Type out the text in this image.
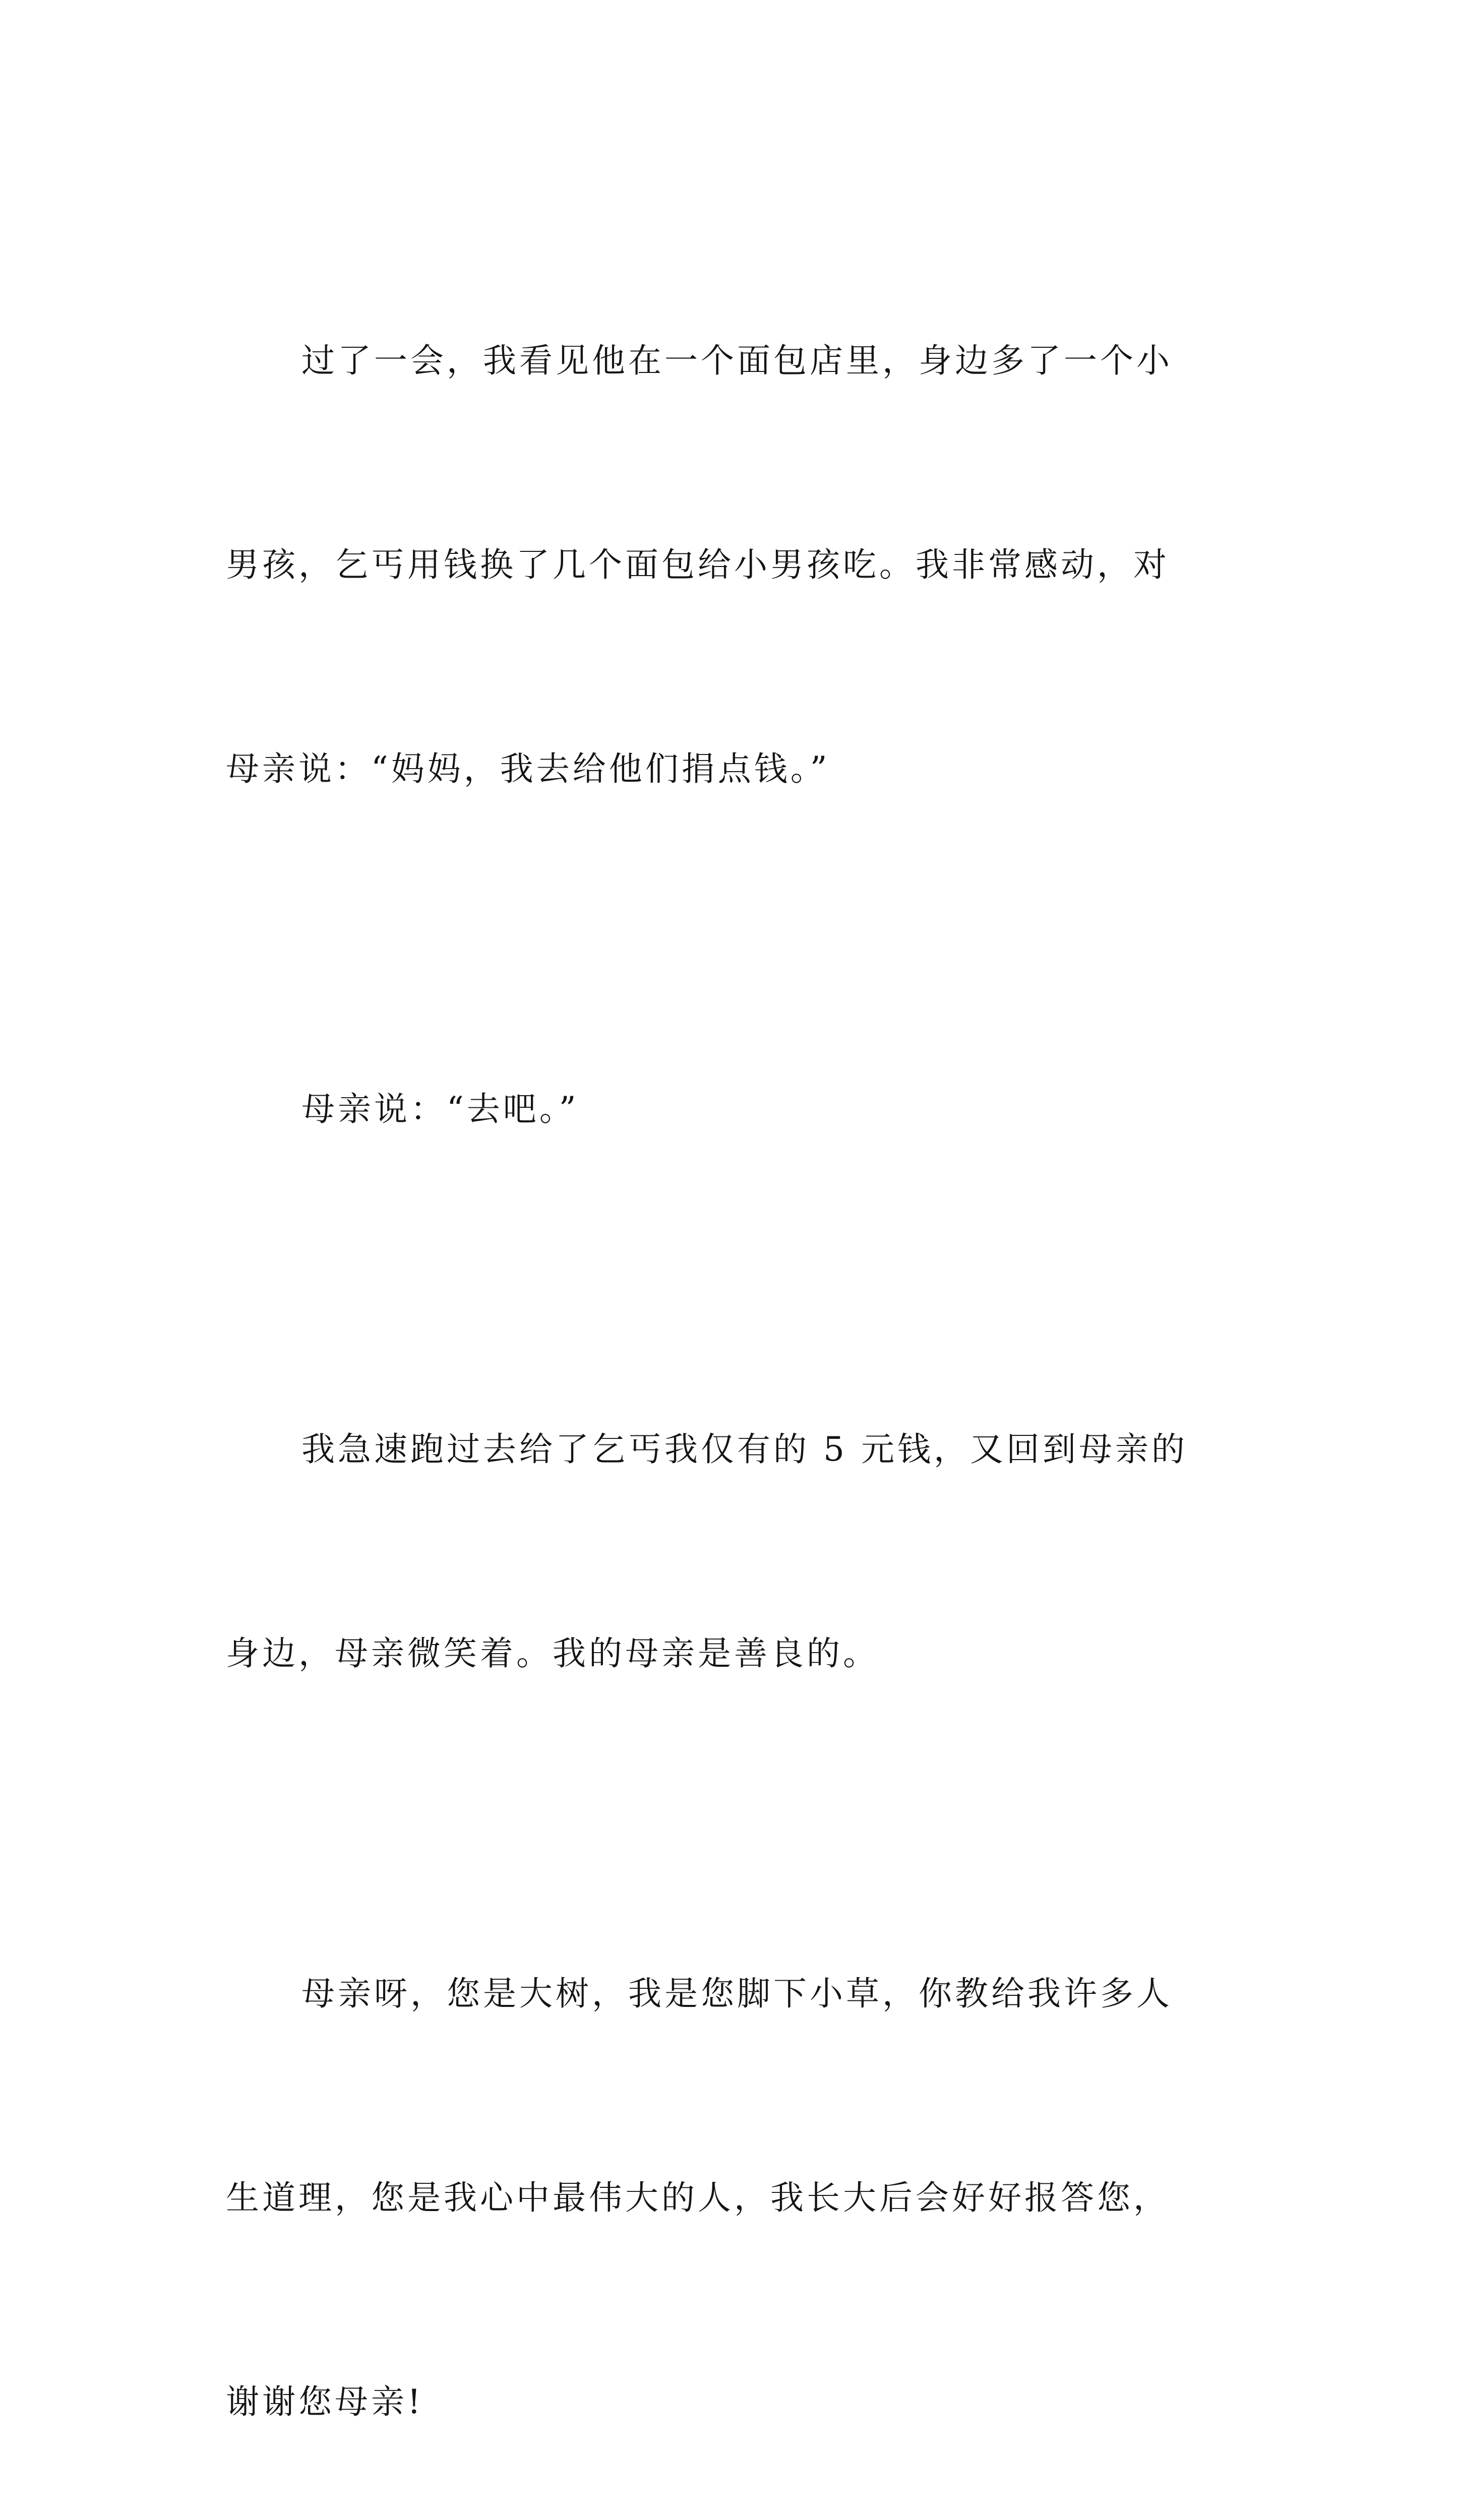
过了一会，我看见他在一个面包店里，身边多了一个小

男孩，乞丐用钱换了几个面包给小男孩吃。我非常感动，对

母亲说：“妈妈，我去给他们捐点钱。”

母亲说：“去吧。”

我急速跑过去给了乞丐我仅有的 5 元钱，又回到母亲的

身边，母亲微笑着。我的母亲是善良的。

母亲呀，您是大树，我是您脚下小草，你教给我许多人

生道理，您是我心中最伟大的人，我长大后会好好报答您，

谢谢您母亲!
